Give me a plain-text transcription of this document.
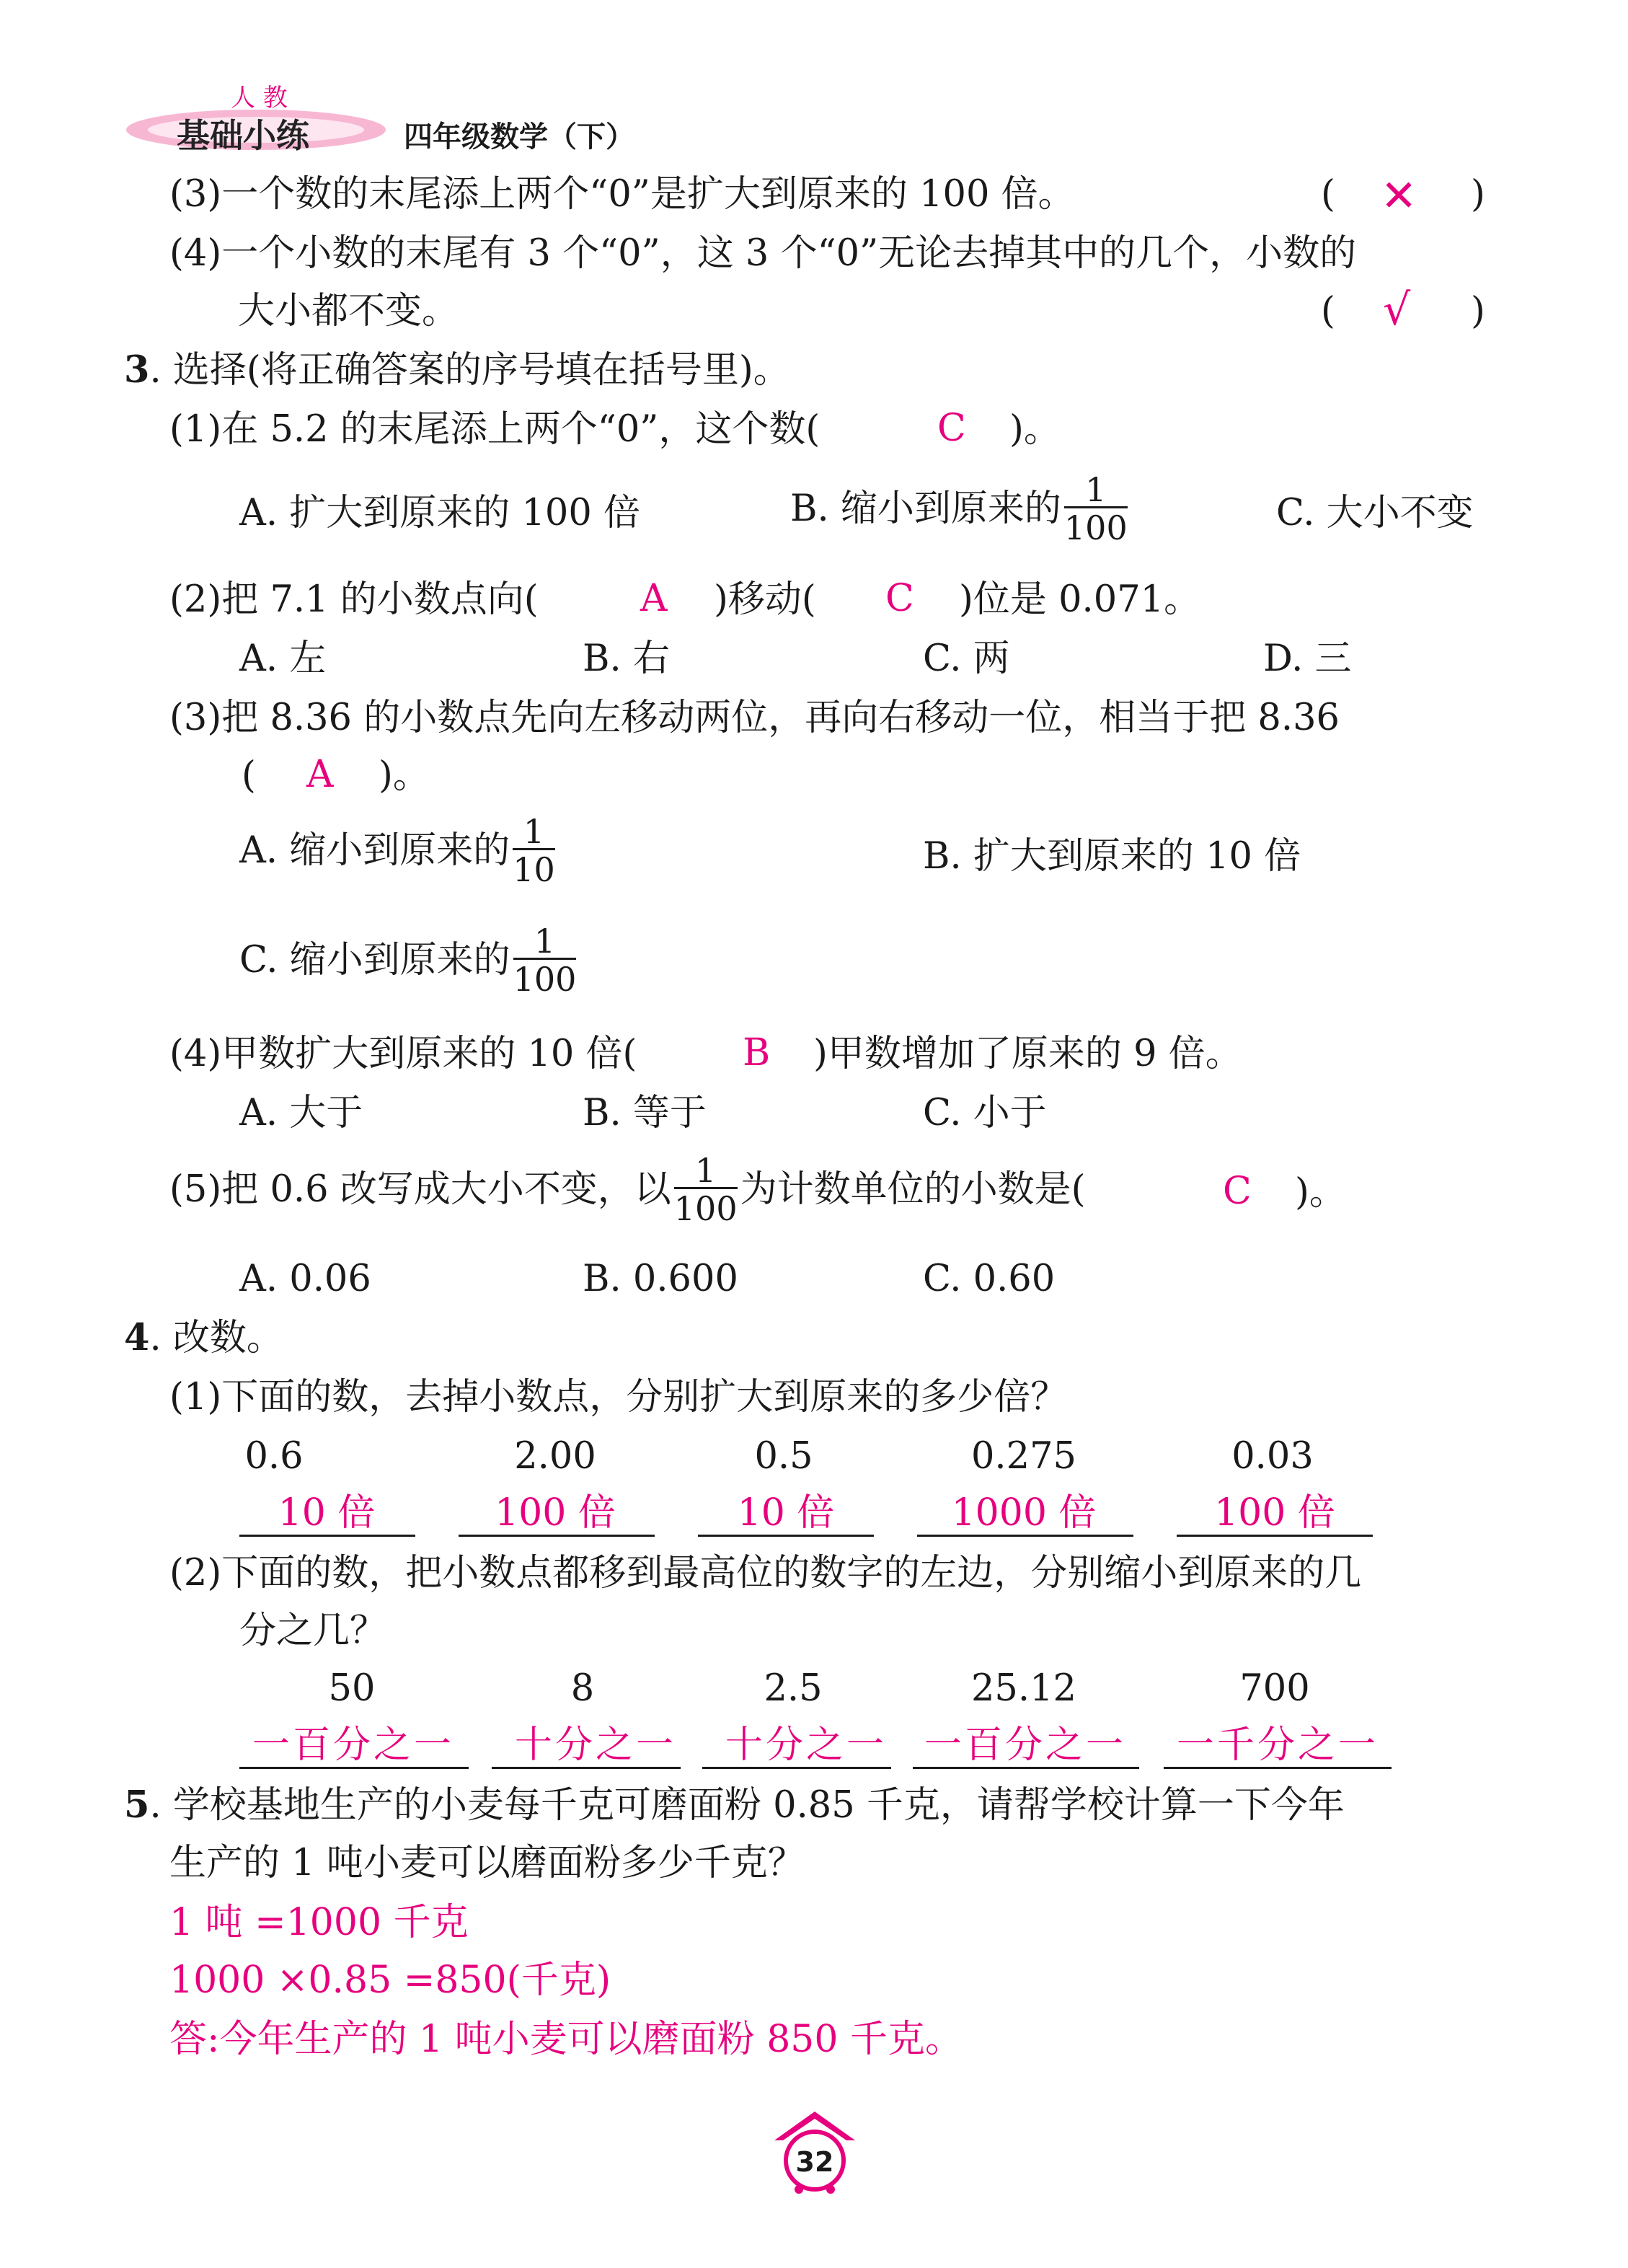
人 教
基础小练	四年级数学（下）
(3)一个数的末尾添上两个“0”是扩大到原来的 100 倍。	( ✕ )
(4)一个小数的末尾有 3 个“0”，这 3 个“0”无论去掉其中的几个，小数的
大小都不变。	( √ )
3. 选择(将正确答案的序号填在括号里)。
(1)在 5.2 的末尾添上两个“0”，这个数(	C )。
A. 扩大到原来的 100 倍	B. 缩小到原来的 $\frac{1}{100}$	C. 大小不变
(2)把 7.1 的小数点向(	A )移动( C )位是 0.071。
A. 左	B. 右	C. 两	D. 三
(3)把 8.36 的小数点先向左移动两位，再向右移动一位，相当于把 8.36
( A )。
A. 缩小到原来的 $\frac{1}{10}$	B. 扩大到原来的 10 倍
C. 缩小到原来的 $\frac{1}{100}$
(4)甲数扩大到原来的 10 倍(	B )甲数增加了原来的 9 倍。
A. 大于	B. 等于	C. 小于
(5)把 0.6 改写成大小不变，以 $\frac{1}{100}$ 为计数单位的小数是(	C )。
A. 0.06	B. 0.600	C. 0.60
4. 改数。
(1)下面的数，去掉小数点，分别扩大到原来的多少倍？
0.6	2.00	0.5	0.275	0.03
10 倍	100 倍	10 倍	1000 倍	100 倍
(2)下面的数，把小数点都移到最高位的数字的左边，分别缩小到原来的几
分之几？
50	8	2.5	25.12	700
一百分之一	十分之一	十分之一 一百分之一 一千分之一
5. 学校基地生产的小麦每千克可磨面粉 0.85 千克，请帮学校计算一下今年
生产的 1 吨小麦可以磨面粉多少千克？
1 吨 =1000 千克
1000 ×0.85 =850(千克)
答:今年生产的 1 吨小麦可以磨面粉 850 千克。
32
